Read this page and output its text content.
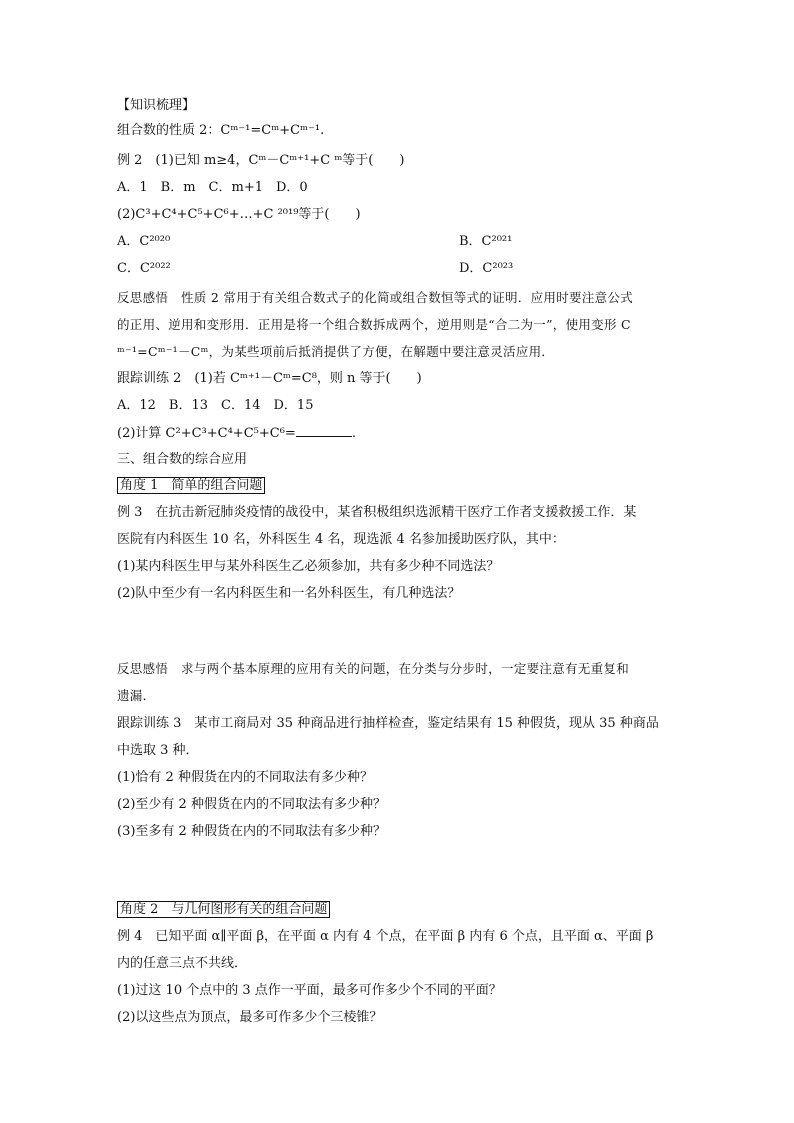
【知识梳理】
组合数的性质 2：Cᵐ⁻¹=Cᵐ+Cᵐ⁻¹.
例 2　(1)已知 m≥4，Cᵐ－Cᵐ⁺¹+C ᵐ等于(　　)
A．1　B．m　C．m+1　D．0
(2)C³+C⁴+C⁵+C⁶+…+C ²⁰¹⁹等于(　　)
A．C²⁰²⁰	B．C²⁰²¹
C．C²⁰²²	D．C²⁰²³
反思感悟　性质 2 常用于有关组合数式子的化简或组合数恒等式的证明．应用时要注意公式
的正用、逆用和变形用．正用是将一个组合数拆成两个，逆用则是“合二为一”，使用变形 C
ᵐ⁻¹=Cᵐ⁻¹－Cᵐ，为某些项前后抵消提供了方便，在解题中要注意灵活应用．
跟踪训练 2　(1)若 Cᵐ⁺¹－Cᵐ=C⁸，则 n 等于(　　)
A．12　B．13　C．14　D．15
(2)计算 C²+C³+C⁴+C⁵+C⁶=	.
三、组合数的综合应用
角度 1　简单的组合问题
例 3　在抗击新冠肺炎疫情的战役中，某省积极组织选派精干医疗工作者支援救援工作．某
医院有内科医生 10 名，外科医生 4 名，现选派 4 名参加援助医疗队，其中：
(1)某内科医生甲与某外科医生乙必须参加，共有多少种不同选法？
(2)队中至少有一名内科医生和一名外科医生，有几种选法？
反思感悟　求与两个基本原理的应用有关的问题，在分类与分步时，一定要注意有无重复和
遗漏．
跟踪训练 3　某市工商局对 35 种商品进行抽样检查，鉴定结果有 15 种假货，现从 35 种商品
中选取 3 种．
(1)恰有 2 种假货在内的不同取法有多少种？
(2)至少有 2 种假货在内的不同取法有多少种？
(3)至多有 2 种假货在内的不同取法有多少种？
角度 2　与几何图形有关的组合问题
例 4　已知平面 α∥平面 β，在平面 α 内有 4 个点，在平面 β 内有 6 个点，且平面 α、平面 β
内的任意三点不共线．
(1)过这 10 个点中的 3 点作一平面，最多可作多少个不同的平面？
(2)以这些点为顶点，最多可作多少个三棱锥？
